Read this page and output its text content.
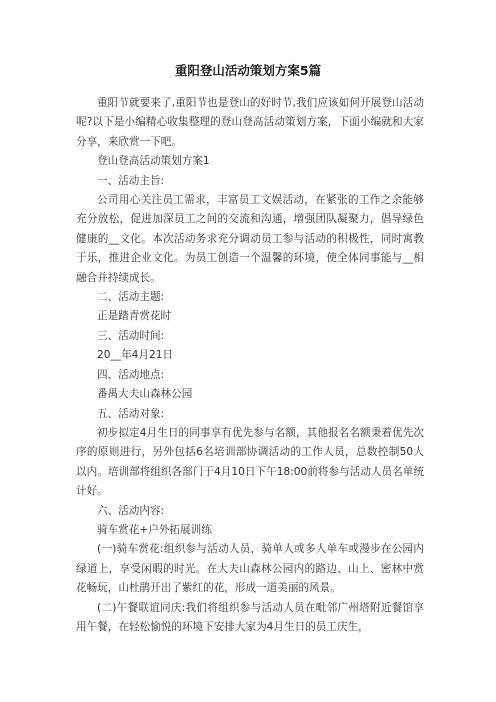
重阳登山活动策划方案5篇

重阳节就要来了,重阳节也是登山的好时节,我们应该如何开展登山活动呢?以下是小编精心收集整理的登山登高活动策划方案，下面小编就和大家分享，来欣赏一下吧。

登山登高活动策划方案1

一、活动主旨:

公司用心关注员工需求，丰富员工文娱活动，在紧张的工作之余能够充分放松，促进加深员工之间的交流和沟通，增强团队凝聚力，倡导绿色健康的__文化。本次活动务求充分调动员工参与活动的积极性，同时寓教于乐，推进企业文化。为员工创造一个温馨的环境，使全体同事能与__相融合并持续成长。

二、活动主题:

正是踏青赏花时

三、活动时间:

20__年4月21日

四、活动地点:

番禺大夫山森林公园

五、活动对象:

初步拟定4月生日的同事享有优先参与名额，其他报名名额秉着优先次序的原则进行，另外包括6名培训部协调活动的工作人员，总数控制50人以内。培训部将组织各部门于4月10日下午18:00前将参与活动人员名单统计好。

六、活动内容:

骑车赏花+户外拓展训练

(一)骑车赏花:组织参与活动人员，骑单人或多人单车或漫步在公园内绿道上，享受闲暇的时光。在大夫山森林公园内的路边、山上、密林中赏花畅玩，山杜鹃开出了紫红的花，形成一道美丽的风景。

(二)午餐联谊同庆:我们将组织参与活动人员在毗邻广州塔附近餐馆享用午餐，在轻松愉悦的环境下安排大家为4月生日的员工庆生，
